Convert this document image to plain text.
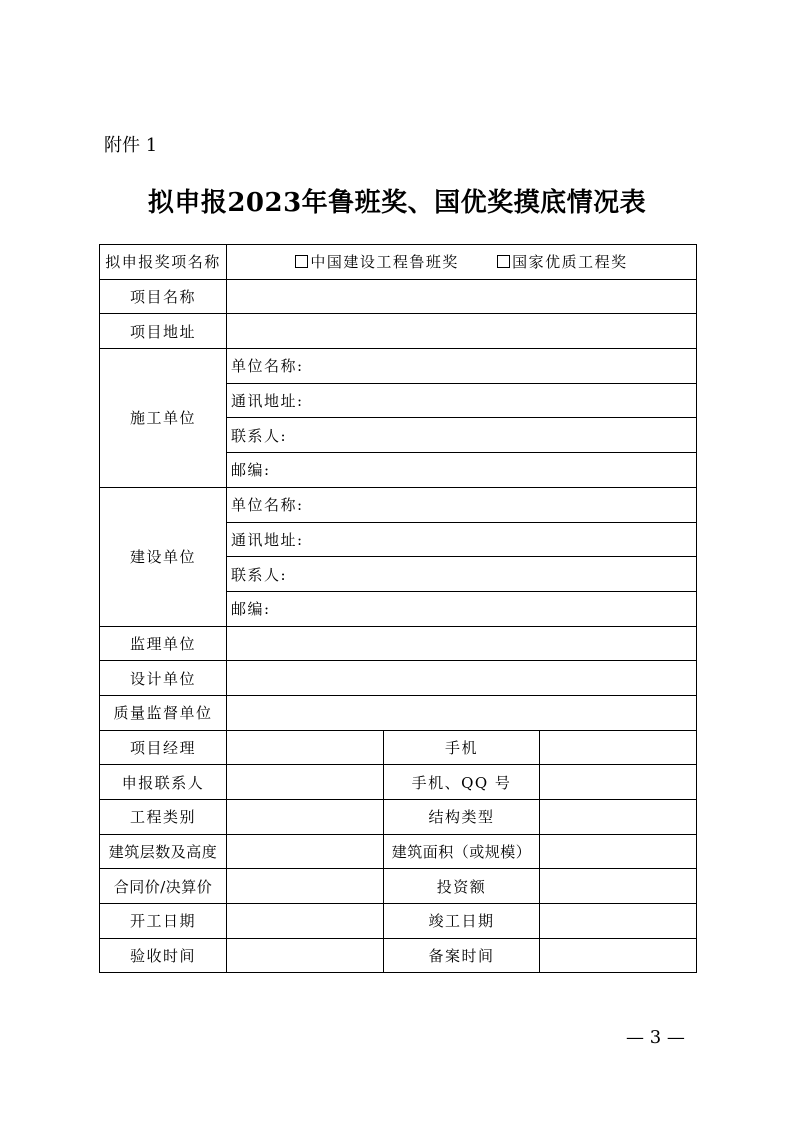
附件 1
拟申报2023年鲁班奖、国优奖摸底情况表
拟申报奖项名称	中国建设工程鲁班奖 国家优质工程奖		
项目名称			
项目地址			
施工单位	单位名称:		
	通讯地址:		
	联系人:		
	邮编:		
建设单位	单位名称:		
	通讯地址:		
	联系人:		
	邮编:		
监理单位			
设计单位			
质量监督单位			
项目经理		手机	
申报联系人		手机、QQ 号	
工程类别		结构类型	
建筑层数及高度		建筑面积（或规模）	
合同价/决算价		投资额	
开工日期		竣工日期	
验收时间		备案时间	
— 3 —
